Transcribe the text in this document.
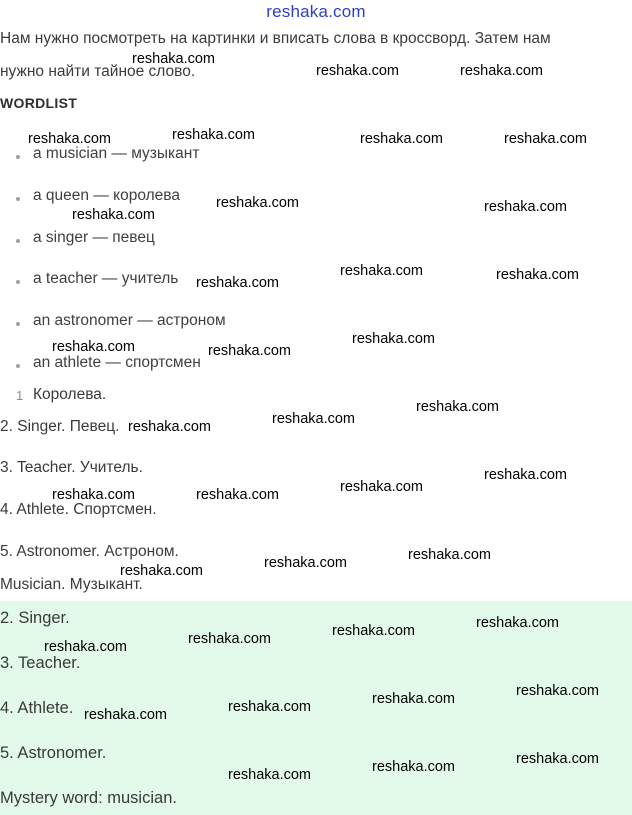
reshaka.com
Нам нужно посмотреть на картинки и вписать слова в кроссворд. Затем нам
нужно найти тайное слово.
WORDLIST
a musician — музыкант
a queen — королева
a singer — певец
a teacher — учитель
an astronomer — астроном
an athlete — спортсмен
1 Королева.
2. Singer. Певец.
3. Teacher. Учитель.
4. Athlete. Спортсмен.
5. Astronomer. Астроном.
Musician. Музыкант.
2. Singer.
3. Teacher.
4. Athlete.
5. Astronomer.
Mystery word: musician.
reshaka.com
reshaka.com	reshaka.com
reshaka.com	reshaka.com	reshaka.com	reshaka.com
reshaka.com	reshaka.com
reshaka.com
reshaka.com	reshaka.com
reshaka.com
reshaka.com
reshaka.com	reshaka.com
reshaka.com
reshaka.com
reshaka.com
reshaka.com
reshaka.com
reshaka.com	reshaka.com
reshaka.com
reshaka.com
reshaka.com
reshaka.com
reshaka.com
reshaka.com
reshaka.com
reshaka.com
reshaka.com
reshaka.com
reshaka.com
reshaka.com
reshaka.com
reshaka.com
